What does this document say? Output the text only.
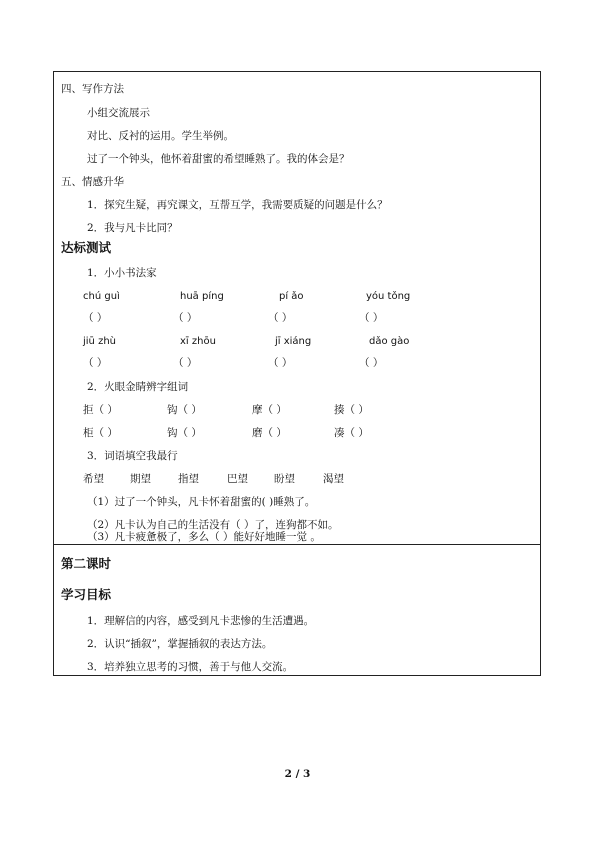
四、写作方法
小组交流展示
对比、反衬的运用。学生举例。
过了一个钟头，他怀着甜蜜的希望睡熟了。我的体会是？
五、情感升华
1．探究生疑，再究课文，互帮互学，我需要质疑的问题是什么？
2．我与凡卡比同？
达标测试
1．小小书法家
chú guì	huā píng	pí ǎo	yóu tǒng
（ ）	（ ）	（ ）	（ ）
jiū zhù	xī zhōu	jī xiáng	dǎo gào
（ ）	（ ）	（ ）	（ ）
2．火眼金睛辨字组词
拒（ ）	钩（ ）	摩（ ）	揍（ ）
柜（ ）	钩（ ）	磨（ ）	凑（ ）
3．词语填空我最行
希望 期望	指望	巴望 盼望	渴望
（1）过了一个钟头，凡卡怀着甜蜜的( )睡熟了。
（2）凡卡认为自己的生活没有（ ）了，连狗都不如。
（3）凡卡疲惫极了，多么（ ）能好好地睡一觉 。
第二课时
学习目标
1．理解信的内容，感受到凡卡悲惨的生活遭遇。
2．认识“插叙”，掌握插叙的表达方法。
3．培养独立思考的习惯，善于与他人交流。
2 / 3
